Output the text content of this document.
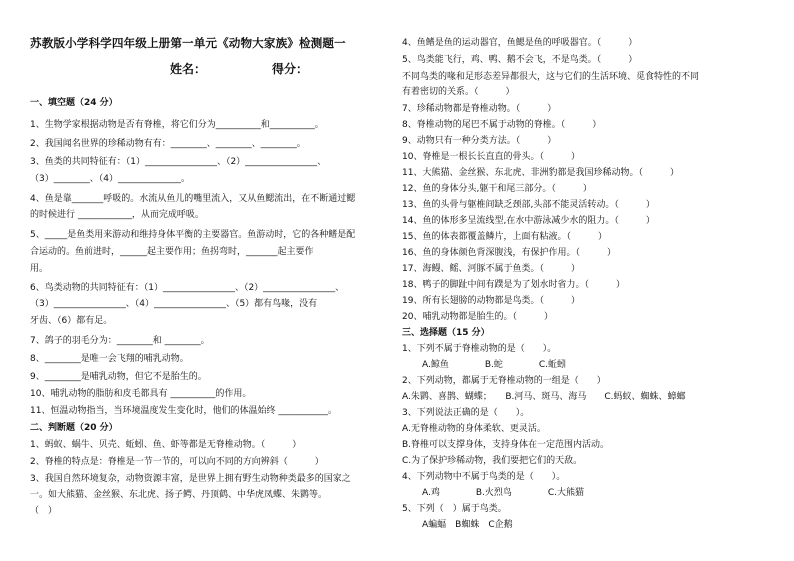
苏教版小学科学四年级上册第一单元《动物大家族》检测题一
姓名：　　　　　　得分：
一、填空题（24 分）
1、生物学家根据动物是否有脊椎，将它们分为__________和__________。
2、我国闻名世界的珍稀动物有有：________、________、________。
3、鱼类的共同特征有：（1）________________、（2）________________、
（3）________、（4）______________。
4、鱼是靠_______呼吸的。水流从鱼儿的嘴里流入，又从鱼鳃流出，在不断通过鳃
的时候进行 ____________，从而完成呼吸。
5、_____是鱼类用来游动和维持身体平衡的主要器官。鱼游动时，它的各种鳍是配
合运动的。鱼前进时，______起主要作用；鱼拐弯时，_______起主要作
用。
6、鸟类动物的共同特征有：（1）________________、（2）________________、
（3）________________、（4）________________、（5）都有鸟喙，没有
牙齿、（6）都有足。
7、鸽子的羽毛分为：________和 ________。
8、________是唯一会飞翔的哺乳动物。
9、________是哺乳动物，但它不是胎生的。
10、哺乳动物的脂肪和皮毛都具有 __________的作用。
11、恒温动物指当，当环境温度发生变化时，他们的体温始终 ___________。
二、判断题（20 分）
1、蚂蚁、蜗牛、贝壳、蚯蚓、鱼、虾等都是无脊椎动物。（　　　）
2、脊椎的特点是：脊椎是一节一节的，可以向不同的方向辨斜（　　　）
3、我国自然环境复杂，动物资源丰富，是世界上拥有野生动物种类最多的国家之
一。如大熊猫、金丝猴、东北虎、扬子鳄、丹顶鹤、中华虎凤蝶、朱鹮等。
（　）
4、鱼鳍是鱼的运动器官，鱼鳃是鱼的呼吸器官。（　　　）
5、鸟类能飞行，鸡、鸭、鹅不会飞，不是鸟类。（　　　）
不同鸟类的喙和足形态差异都很大，这与它们的生活环境、觅食特性的不同
有着密切的关系。（　　　）
7、珍稀动物都是脊椎动物。（　　　）
8、脊椎动物的尾巴不属于动物的脊椎。（　　　）
9、动物只有一种分类方法。（　　　）
10、脊椎是一根长长直直的骨头。（　　　）
11、大熊猫、金丝猴、东北虎、非洲豹都是我国珍稀动物。（　　　）
12、鱼的身体分头,躯干和尾三部分。（　　　）
13、鱼的头骨与躯椎间缺乏颈部,头部不能灵活转动。（　　　）
14、鱼的体形多呈流线型,在水中游泳减少水的阻力。（　　　）
15、鱼的体表都覆盖鳞片，上面有粘液。（　　　）
16、鱼的身体颜色背深腹浅，有保护作用。（　　　）
17、海鳗、鳐、河豚不属于鱼类。（　　　）
18、鸭子的脚趾中间有蹼是为了划水时省力。（　　　）
19、所有长翅膀的动物都是鸟类。（　　　）
20、哺乳动物都是胎生的。（　　　）
三、选择题（15 分）
1、下列不属于脊椎动物的是（　　）。
A.鲸鱼　　　　B.蛇　　　　C.蚯蚓
2、下列动物，都属于无脊椎动物的一组是（　　）
A.朱鹮、喜鹊、蝴蝶；　　B.河马、斑马、海马　　C.蚂蚁、蜘蛛、蟑螂
3、下列说法正确的是（　　）。
A.无脊椎动物的身体柔软、更灵活。
B.脊椎可以支撑身体，支持身体在一定范围内活动。
C.为了保护珍稀动物，我们要把它们的天敌。
4、下列动物中不属于鸟类的是（　　）。
A.鸡　　　　B.火烈鸟　　　　C.大熊猫
5、下列（　）属于鸟类。
A蝙蝠　B蜘蛛　C企鹅
